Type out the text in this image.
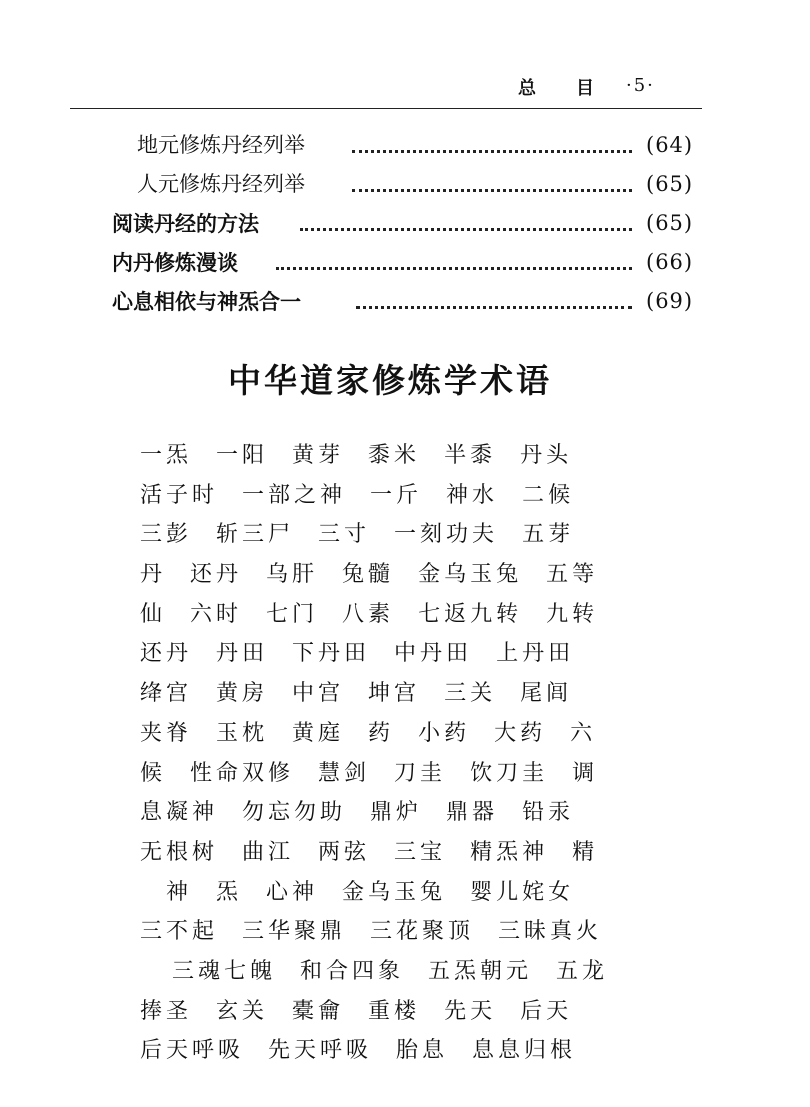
总目
·5·
地元修炼丹经列举	(64)
人元修炼丹经列举	(65)
阅读丹经的方法	(65)
内丹修炼漫谈	(66)
心息相依与神炁合一	(69)
中华道家修炼学术语
一炁 一阳 黄芽 黍米 半黍 丹头
活子时 一部之神 一斤 神水 二候
三彭 斩三尸 三寸 一刻功夫 五芽
丹 还丹 乌肝 兔髓 金乌玉兔 五等
仙 六时 七门 八素 七返九转 九转
还丹 丹田 下丹田 中丹田 上丹田
绛宫 黄房 中宫 坤宫 三关 尾闾
夹脊 玉枕 黄庭 药 小药 大药 六
候 性命双修 慧剑 刀圭 饮刀圭 调
息凝神 勿忘勿助 鼎炉 鼎器 铅汞
无根树 曲江 两弦 三宝 精炁神 精
神 炁 心神 金乌玉兔 婴儿姹女
三不起 三华聚鼎 三花聚顶 三昧真火
三魂七魄 和合四象 五炁朝元 五龙
捧圣 玄关 橐龠 重楼 先天 后天
后天呼吸 先天呼吸 胎息 息息归根
